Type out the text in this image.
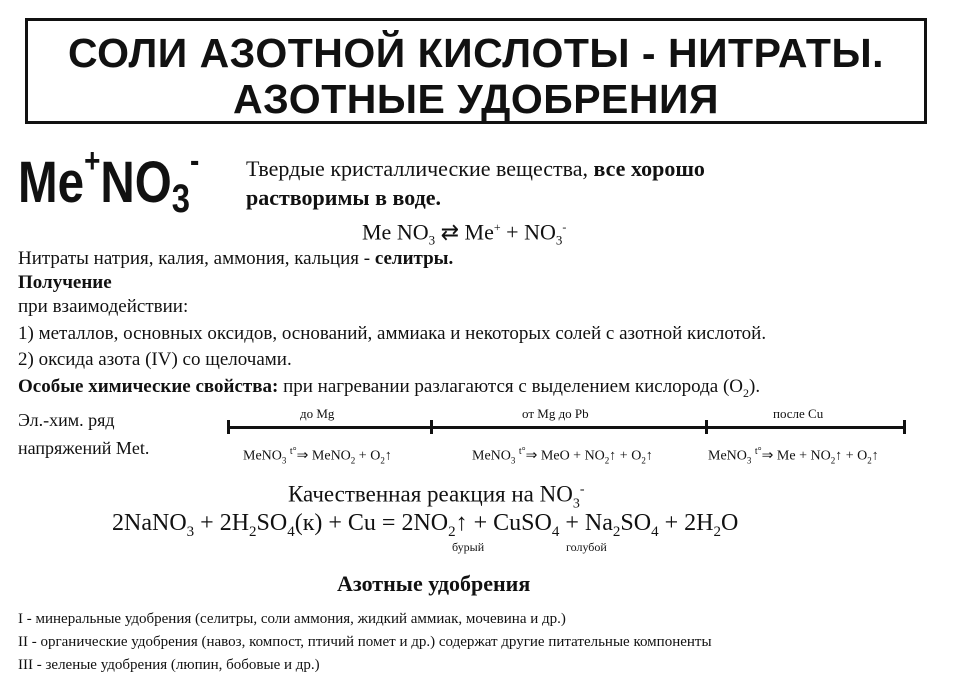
СОЛИ АЗОТНОЙ КИСЛОТЫ - НИТРАТЫ.
АЗОТНЫЕ УДОБРЕНИЯ
$Me^+NO_3^-$ Твердые кристаллические вещества, все хорошо
растворимы в воде.
Me $NO_3$ ⇄ $Me^+ + NO_3^-$
Нитраты натрия, калия, аммония, кальция - селитры.
Получение
при взаимодействии:
1) металлов, основных оксидов, оснований, аммиака и некоторых солей с азотной кислотой.
2) оксида азота (IV) со щелочами.
Особые химические свойства: при нагревании разлагаются с выделением кислорода $(O_2)$.
Эл.-хим. ряд
напряжений Met.
до Mg	от Mg до Pb	после Cu
MeNO$_3$ $^{t^\circ}$⇒ MeNO$_2$ + $O_2↑$	MeNO$_3$ $^{t^\circ}$⇒ MeO + $NO_2↑$ + $O_2↑$	MeNO$_3$ $^{t^\circ}$⇒ $Me + NO_2↑$ + $O_2↑$
Качественная реакция на $NO_3^-$
2NaNO$_3$ + $2H_2SO_4(к) + Cu$ = $2NO_2↑$ + CuSO$_4$ + $Na_2SO_4 + 2H_2O$
бурый	голубой
Азотные удобрения
I - минеральные удобрения (селитры, соли аммония, жидкий аммиак, мочевина и др.)
II - органические удобрения (навоз, компост, птичий помет и др.) содержат другие питательные компоненты
III - зеленые удобрения (люпин, бобовые и др.)
